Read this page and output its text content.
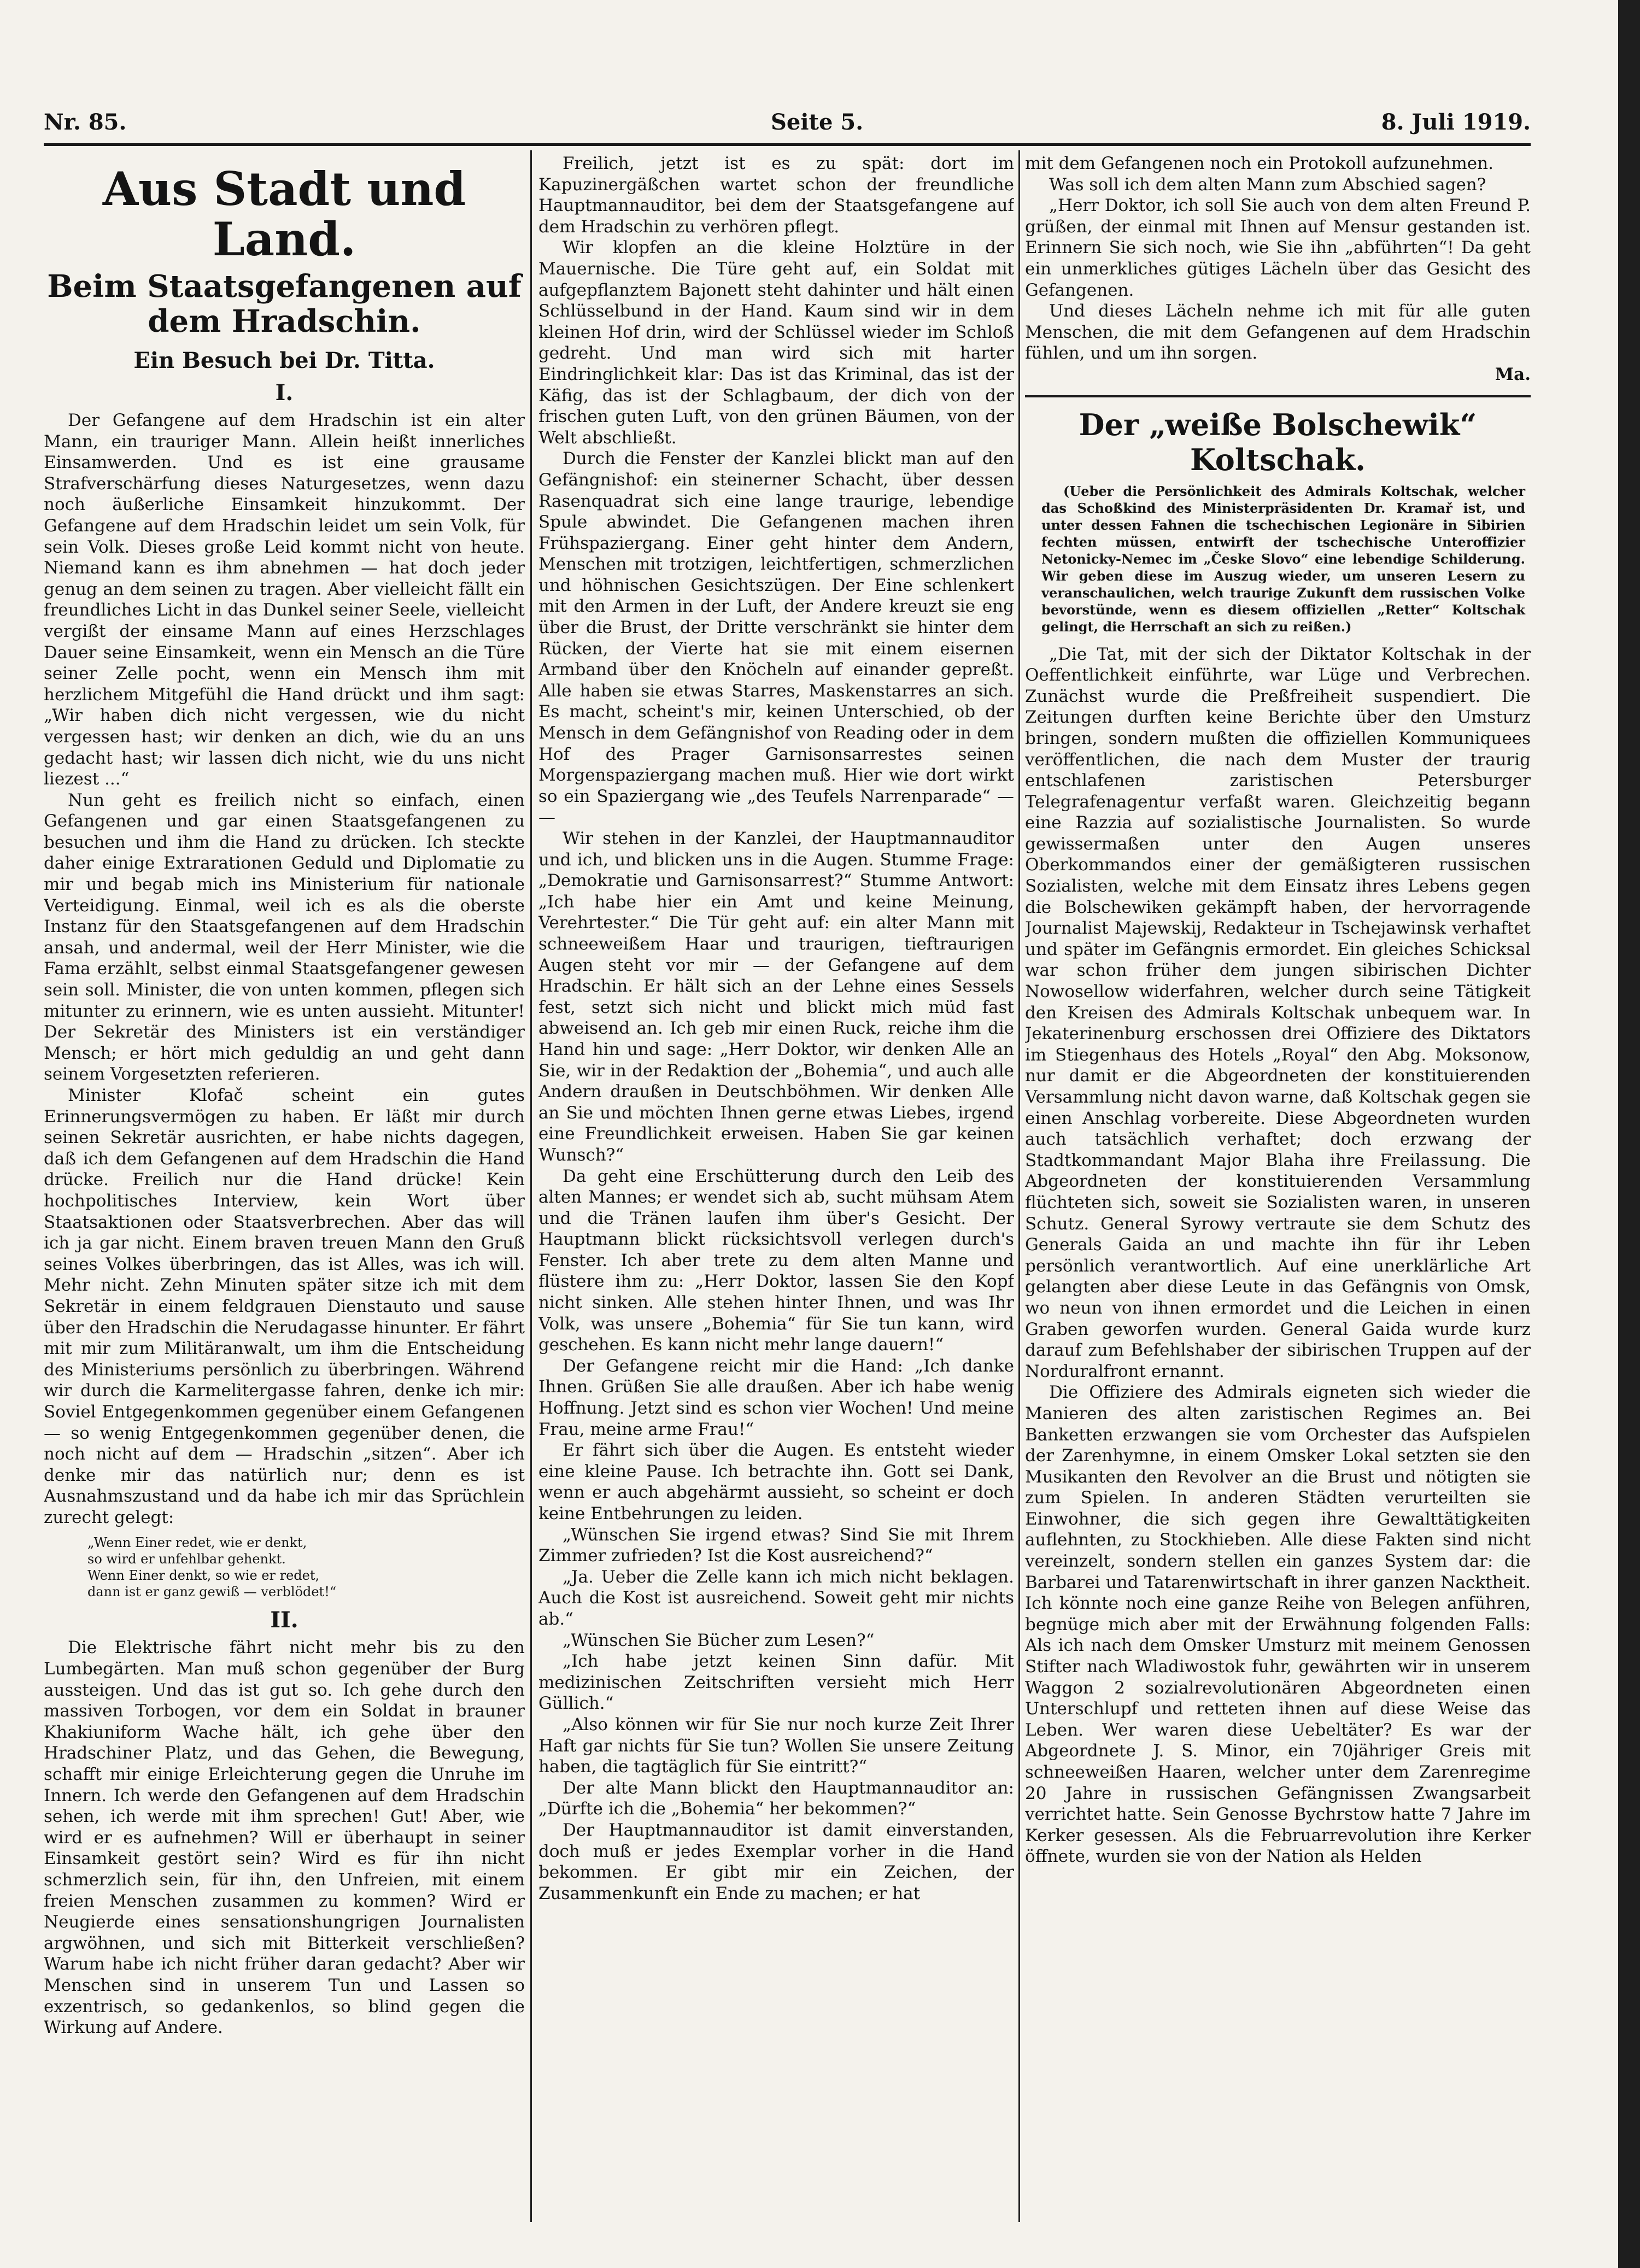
Nr. 85.	Seite 5.	8. Juli 1919.
Aus Stadt und Land.
Beim Staatsgefangenen auf dem Hradschin.
Ein Besuch bei Dr. Titta.
I.

Der Gefangene auf dem Hradschin ist ein alter Mann, ein trauriger Mann. Allein heißt innerliches Einsamwerden. Und es ist eine grausame Strafverschärfung dieses Naturgesetzes, wenn dazu noch äußerliche Einsamkeit hinzukommt. Der Gefangene auf dem Hradschin leidet um sein Volk, für sein Volk. Dieses große Leid kommt nicht von heute. Niemand kann es ihm abnehmen — hat doch jeder genug an dem seinen zu tragen. Aber vielleicht fällt ein freundliches Licht in das Dunkel seiner Seele, vielleicht vergißt der einsame Mann auf eines Herzschlages Dauer seine Einsamkeit, wenn ein Mensch an die Türe seiner Zelle pocht, wenn ein Mensch ihm mit herzlichem Mitgefühl die Hand drückt und ihm sagt: „Wir haben dich nicht vergessen, wie du nicht vergessen hast; wir denken an dich, wie du an uns gedacht hast; wir lassen dich nicht, wie du uns nicht liezest ...“

Nun geht es freilich nicht so einfach, einen Gefangenen und gar einen Staatsgefangenen zu besuchen und ihm die Hand zu drücken. Ich steckte daher einige Extrarationen Geduld und Diplomatie zu mir und begab mich ins Ministerium für nationale Verteidigung. Einmal, weil ich es als die oberste Instanz für den Staatsgefangenen auf dem Hradschin ansah, und andermal, weil der Herr Minister, wie die Fama erzählt, selbst einmal Staatsgefangener gewesen sein soll. Minister, die von unten kommen, pflegen sich mitunter zu erinnern, wie es unten aussieht. Mitunter! Der Sekretär des Ministers ist ein verständiger Mensch; er hört mich geduldig an und geht dann seinem Vorgesetzten referieren.

Minister Klofač scheint ein gutes Erinnerungsvermögen zu haben. Er läßt mir durch seinen Sekretär ausrichten, er habe nichts dagegen, daß ich dem Gefangenen auf dem Hradschin die Hand drücke. Freilich nur die Hand drücke! Kein hochpolitisches Interview, kein Wort über Staatsaktionen oder Staatsverbrechen. Aber das will ich ja gar nicht. Einem braven treuen Mann den Gruß seines Volkes überbringen, das ist Alles, was ich will. Mehr nicht. Zehn Minuten später sitze ich mit dem Sekretär in einem feldgrauen Dienstauto und sause über den Hradschin die Nerudagasse hinunter. Er fährt mit mir zum Militäranwalt, um ihm die Entscheidung des Ministeriums persönlich zu überbringen. Während wir durch die Karmelitergasse fahren, denke ich mir: Soviel Entgegenkommen gegenüber einem Gefangenen — so wenig Entgegenkommen gegenüber denen, die noch nicht auf dem — Hradschin „sitzen“. Aber ich denke mir das natürlich nur; denn es ist Ausnahmszustand und da habe ich mir das Sprüchlein zurecht gelegt:

„Wenn Einer redet, wie er denkt,
so wird er unfehlbar gehenkt.
Wenn Einer denkt, so wie er redet,
dann ist er ganz gewiß — verblödet!“
II.

Die Elektrische fährt nicht mehr bis zu den Lumbegärten. Man muß schon gegenüber der Burg aussteigen. Und das ist gut so. Ich gehe durch den massiven Torbogen, vor dem ein Soldat in brauner Khakiuniform Wache hält, ich gehe über den Hradschiner Platz, und das Gehen, die Bewegung, schafft mir einige Erleichterung gegen die Unruhe im Innern. Ich werde den Gefangenen auf dem Hradschin sehen, ich werde mit ihm sprechen! Gut! Aber, wie wird er es aufnehmen? Will er überhaupt in seiner Einsamkeit gestört sein? Wird es für ihn nicht schmerzlich sein, für ihn, den Unfreien, mit einem freien Menschen zusammen zu kommen? Wird er Neugierde eines sensationshungrigen Journalisten argwöhnen, und sich mit Bitterkeit verschließen? Warum habe ich nicht früher daran gedacht? Aber wir Menschen sind in unserem Tun und Lassen so exzentrisch, so gedankenlos, so blind gegen die Wirkung auf Andere.

Freilich, jetzt ist es zu spät: dort im Kapuzinergäßchen wartet schon der freundliche Hauptmannauditor, bei dem der Staatsgefangene auf dem Hradschin zu verhören pflegt.

Wir klopfen an die kleine Holztüre in der Mauernische. Die Türe geht auf, ein Soldat mit aufgepflanztem Bajonett steht dahinter und hält einen Schlüsselbund in der Hand. Kaum sind wir in dem kleinen Hof drin, wird der Schlüssel wieder im Schloß gedreht. Und man wird sich mit harter Eindringlichkeit klar: Das ist das Kriminal, das ist der Käfig, das ist der Schlagbaum, der dich von der frischen guten Luft, von den grünen Bäumen, von der Welt abschließt.

Durch die Fenster der Kanzlei blickt man auf den Gefängnishof: ein steinerner Schacht, über dessen Rasenquadrat sich eine lange traurige, lebendige Spule abwindet. Die Gefangenen machen ihren Frühspaziergang. Einer geht hinter dem Andern, Menschen mit trotzigen, leichtfertigen, schmerzlichen und höhnischen Gesichtszügen. Der Eine schlenkert mit den Armen in der Luft, der Andere kreuzt sie eng über die Brust, der Dritte verschränkt sie hinter dem Rücken, der Vierte hat sie mit einem eisernen Armband über den Knöcheln auf einander gepreßt. Alle haben sie etwas Starres, Maskenstarres an sich. Es macht, scheint's mir, keinen Unterschied, ob der Mensch in dem Gefängnishof von Reading oder in dem Hof des Prager Garnisonsarrestes seinen Morgenspaziergang machen muß. Hier wie dort wirkt so ein Spaziergang wie „des Teufels Narrenparade“ — —

Wir stehen in der Kanzlei, der Hauptmannauditor und ich, und blicken uns in die Augen. Stumme Frage: „Demokratie und Garnisonsarrest?“ Stumme Antwort: „Ich habe hier ein Amt und keine Meinung, Verehrtester.“ Die Tür geht auf: ein alter Mann mit schneeweißem Haar und traurigen, tieftraurigen Augen steht vor mir — der Gefangene auf dem Hradschin. Er hält sich an der Lehne eines Sessels fest, setzt sich nicht und blickt mich müd fast abweisend an. Ich geb mir einen Ruck, reiche ihm die Hand hin und sage: „Herr Doktor, wir denken Alle an Sie, wir in der Redaktion der „Bohemia“, und auch alle Andern draußen in Deutschböhmen. Wir denken Alle an Sie und möchten Ihnen gerne etwas Liebes, irgend eine Freundlichkeit erweisen. Haben Sie gar keinen Wunsch?“

Da geht eine Erschütterung durch den Leib des alten Mannes; er wendet sich ab, sucht mühsam Atem und die Tränen laufen ihm über's Gesicht. Der Hauptmann blickt rücksichtsvoll verlegen durch's Fenster. Ich aber trete zu dem alten Manne und flüstere ihm zu: „Herr Doktor, lassen Sie den Kopf nicht sinken. Alle stehen hinter Ihnen, und was Ihr Volk, was unsere „Bohemia“ für Sie tun kann, wird geschehen. Es kann nicht mehr lange dauern!“

Der Gefangene reicht mir die Hand: „Ich danke Ihnen. Grüßen Sie alle draußen. Aber ich habe wenig Hoffnung. Jetzt sind es schon vier Wochen! Und meine Frau, meine arme Frau!“

Er fährt sich über die Augen. Es entsteht wieder eine kleine Pause. Ich betrachte ihn. Gott sei Dank, wenn er auch abgehärmt aussieht, so scheint er doch keine Entbehrungen zu leiden.

„Wünschen Sie irgend etwas? Sind Sie mit Ihrem Zimmer zufrieden? Ist die Kost ausreichend?“

„Ja. Ueber die Zelle kann ich mich nicht beklagen. Auch die Kost ist ausreichend. Soweit geht mir nichts ab.“

„Wünschen Sie Bücher zum Lesen?“

„Ich habe jetzt keinen Sinn dafür. Mit medizinischen Zeitschriften versieht mich Herr Güllich.“

„Also können wir für Sie nur noch kurze Zeit Ihrer Haft gar nichts für Sie tun? Wollen Sie unsere Zeitung haben, die tagtäglich für Sie eintritt?“

Der alte Mann blickt den Hauptmannauditor an: „Dürfte ich die „Bohemia“ her bekommen?“

Der Hauptmannauditor ist damit einverstanden, doch muß er jedes Exemplar vorher in die Hand bekommen. Er gibt mir ein Zeichen, der Zusammenkunft ein Ende zu machen; er hat

mit dem Gefangenen noch ein Protokoll aufzunehmen.

Was soll ich dem alten Mann zum Abschied sagen?

„Herr Doktor, ich soll Sie auch von dem alten Freund P. grüßen, der einmal mit Ihnen auf Mensur gestanden ist. Erinnern Sie sich noch, wie Sie ihn „abführten“! Da geht ein unmerkliches gütiges Lächeln über das Gesicht des Gefangenen.

Und dieses Lächeln nehme ich mit für alle guten Menschen, die mit dem Gefangenen auf dem Hradschin fühlen, und um ihn sorgen.

Ma.
Der „weiße Bolschewik“ Koltschak.

(Ueber die Persönlichkeit des Admirals Koltschak, welcher das Schoßkind des Ministerpräsidenten Dr. Kramař ist, und unter dessen Fahnen die tschechischen Legionäre in Sibirien fechten müssen, entwirft der tschechische Unteroffizier Netonicky-Nemec im „Česke Slovo“ eine lebendige Schilderung. Wir geben diese im Auszug wieder, um unseren Lesern zu veranschaulichen, welch traurige Zukunft dem russischen Volke bevorstünde, wenn es diesem offiziellen „Retter“ Koltschak gelingt, die Herrschaft an sich zu reißen.)

„Die Tat, mit der sich der Diktator Koltschak in der Oeffentlichkeit einführte, war Lüge und Verbrechen. Zunächst wurde die Preßfreiheit suspendiert. Die Zeitungen durften keine Berichte über den Umsturz bringen, sondern mußten die offiziellen Kommuniquees veröffentlichen, die nach dem Muster der traurig entschlafenen zaristischen Petersburger Telegrafenagentur verfaßt waren. Gleichzeitig begann eine Razzia auf sozialistische Journalisten. So wurde gewissermaßen unter den Augen unseres Oberkommandos einer der gemäßigteren russischen Sozialisten, welche mit dem Einsatz ihres Lebens gegen die Bolschewiken gekämpft haben, der hervorragende Journalist Majewskij, Redakteur in Tschejawinsk verhaftet und später im Gefängnis ermordet. Ein gleiches Schicksal war schon früher dem jungen sibirischen Dichter Nowosellow widerfahren, welcher durch seine Tätigkeit den Kreisen des Admirals Koltschak unbequem war. In Jekaterinenburg erschossen drei Offiziere des Diktators im Stiegenhaus des Hotels „Royal“ den Abg. Moksonow, nur damit er die Abgeordneten der konstituierenden Versammlung nicht davon warne, daß Koltschak gegen sie einen Anschlag vorbereite. Diese Abgeordneten wurden auch tatsächlich verhaftet; doch erzwang der Stadtkommandant Major Blaha ihre Freilassung. Die Abgeordneten der konstituierenden Versammlung flüchteten sich, soweit sie Sozialisten waren, in unseren Schutz. General Syrowy vertraute sie dem Schutz des Generals Gaida an und machte ihn für ihr Leben persönlich verantwortlich. Auf eine unerklärliche Art gelangten aber diese Leute in das Gefängnis von Omsk, wo neun von ihnen ermordet und die Leichen in einen Graben geworfen wurden. General Gaida wurde kurz darauf zum Befehlshaber der sibirischen Truppen auf der Norduralfront ernannt.

Die Offiziere des Admirals eigneten sich wieder die Manieren des alten zaristischen Regimes an. Bei Banketten erzwangen sie vom Orchester das Aufspielen der Zarenhymne, in einem Omsker Lokal setzten sie den Musikanten den Revolver an die Brust und nötigten sie zum Spielen. In anderen Städten verurteilten sie Einwohner, die sich gegen ihre Gewalttätigkeiten auflehnten, zu Stockhieben. Alle diese Fakten sind nicht vereinzelt, sondern stellen ein ganzes System dar: die Barbarei und Tatarenwirtschaft in ihrer ganzen Nacktheit. Ich könnte noch eine ganze Reihe von Belegen anführen, begnüge mich aber mit der Erwähnung folgenden Falls: Als ich nach dem Omsker Umsturz mit meinem Genossen Stifter nach Wladiwostok fuhr, gewährten wir in unserem Waggon 2 sozialrevolutionären Abgeordneten einen Unterschlupf und retteten ihnen auf diese Weise das Leben. Wer waren diese Uebeltäter? Es war der Abgeordnete J. S. Minor, ein 70jähriger Greis mit schneeweißen Haaren, welcher unter dem Zarenregime 20 Jahre in russischen Gefängnissen Zwangsarbeit verrichtet hatte. Sein Genosse Bychrstow hatte 7 Jahre im Kerker gesessen. Als die Februarrevolution ihre Kerker öffnete, wurden sie von der Nation als Helden
